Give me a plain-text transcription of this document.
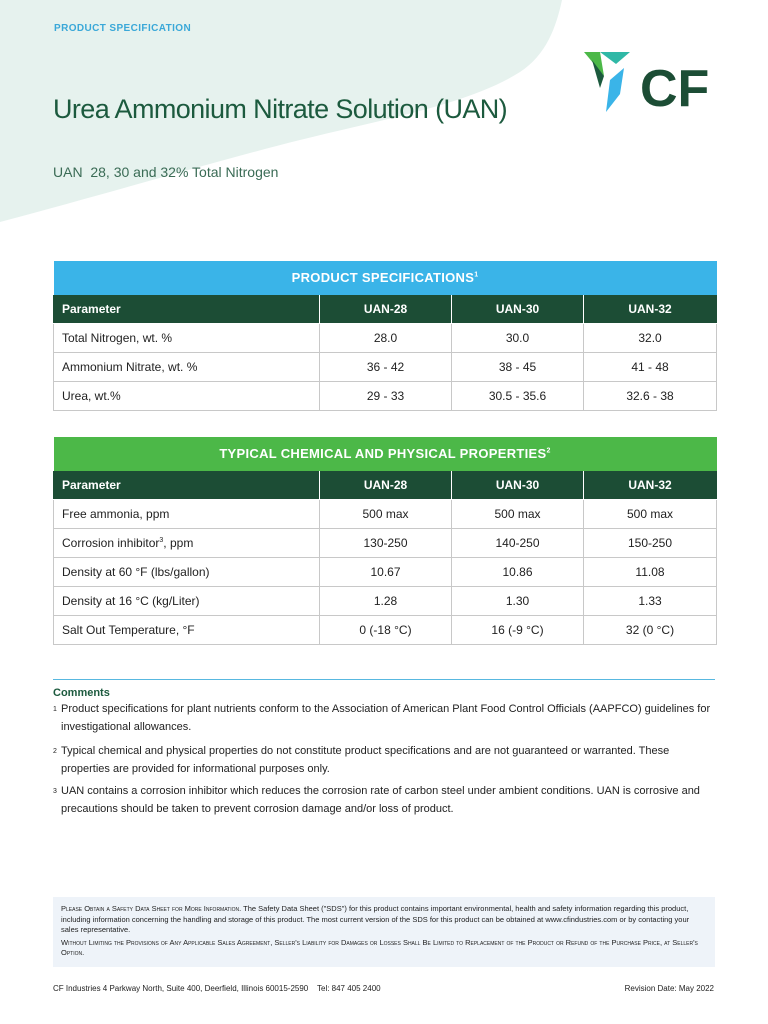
PRODUCT SPECIFICATION
CF
Urea Ammonium Nitrate Solution (UAN)

UAN  28, 30 and 32% Total Nitrogen

PRODUCT SPECIFICATIONS$^1$
Parameter	UAN-28	UAN-30	UAN-32
Total Nitrogen, wt. %	28.0	30.0	32.0
Ammonium Nitrate, wt. %	36 - 42	38 - 45	41 - 48
Urea, wt.%	29 - 33	30.5 - 35.6	32.6 - 38
TYPICAL CHEMICAL AND PHYSICAL PROPERTIES$^2$
Parameter	UAN-28	UAN-30	UAN-32
Free ammonia, ppm	500 max	500 max	500 max
Corrosion inhibitor$^3$, ppm	130-250	140-250	150-250
Density at 60 °F (lbs/gallon)	10.67	10.86	11.08
Density at 16 °C (kg/Liter)	1.28	1.30	1.33
Salt Out Temperature, °F	0 (-18 °C)	16 (-9 °C)	32 (0 °C)
Comments
1 Product specifications for plant nutrients conform to the Association of American Plant Food Control Officials (AAPFCO) guidelines for investigational allowances.
2 Typical chemical and physical properties do not constitute product specifications and are not guaranteed or warranted. These properties are provided for informational purposes only.
3 UAN contains a corrosion inhibitor which reduces the corrosion rate of carbon steel under ambient conditions. UAN is corrosive and precautions should be taken to prevent corrosion damage and/or loss of product.

Please Obtain a Safety Data Sheet for More Information. The Safety Data Sheet ("SDS") for this product contains important environmental, health and safety information regarding this product, including information concerning the handling and storage of this product. The most current version of the SDS for this product can be obtained at www.cfindustries.com or by contacting your sales representative.

Without Limiting the Provisions of Any Applicable Sales Agreement, Seller's Liability for Damages or Losses Shall Be Limited to Replacement of the Product or Refund of the Purchase Price, at Seller's Option.

CF Industries 4 Parkway North, Suite 400, Deerfield, Illinois 60015-2590    Tel: 847 405 2400	Revision Date: May 2022
